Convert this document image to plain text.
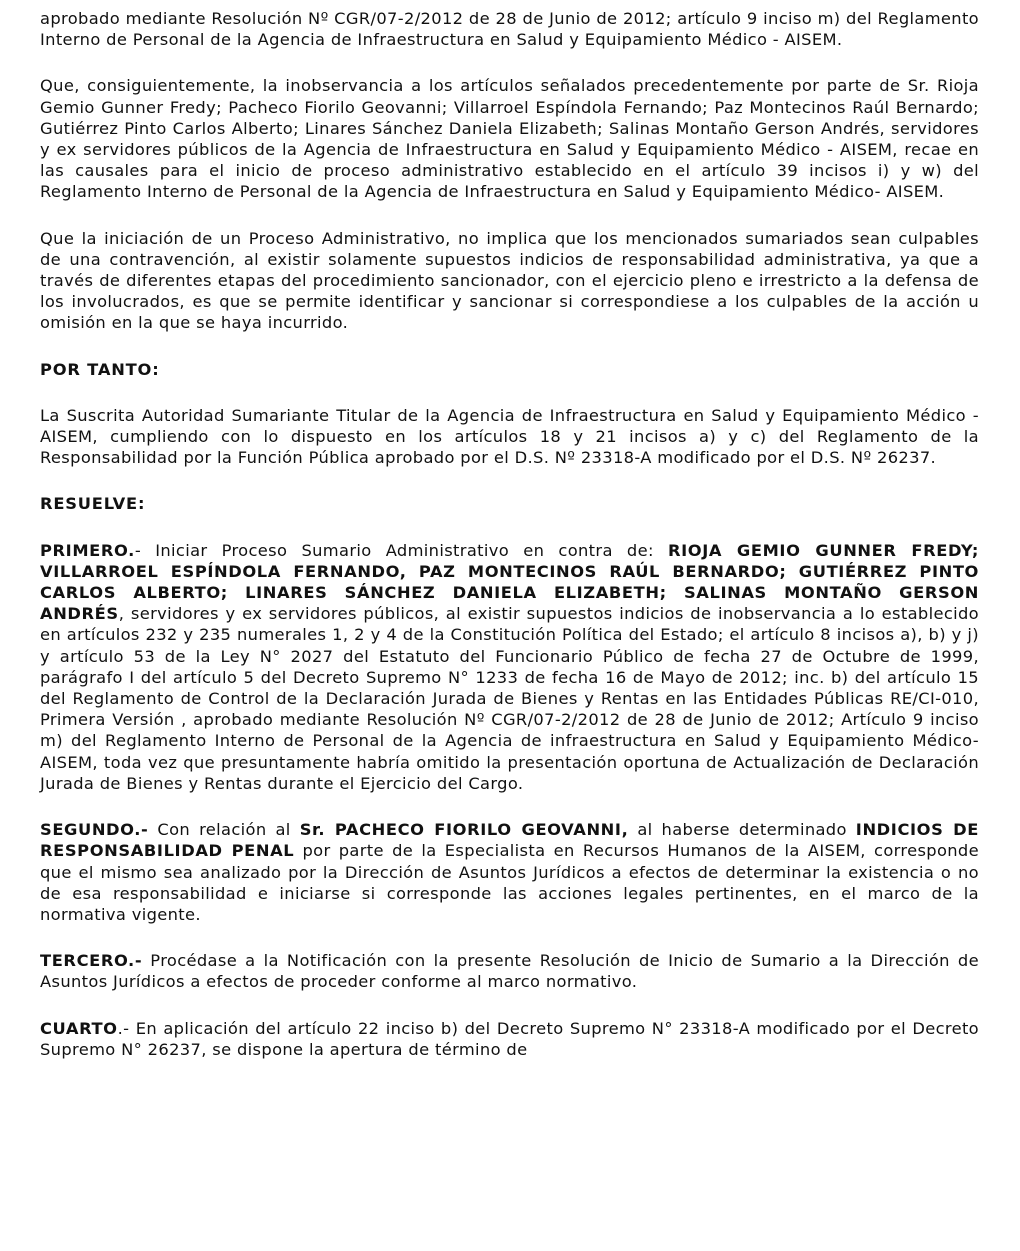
aprobado mediante Resolución Nº CGR/07-2/2012 de 28 de Junio de 2012; artículo 9 inciso m) del Reglamento Interno de Personal de la Agencia de Infraestructura en Salud y Equipamiento Médico - AISEM.

Que, consiguientemente, la inobservancia a los artículos señalados precedentemente por parte de Sr. Rioja Gemio Gunner Fredy; Pacheco Fiorilo Geovanni; Villarroel Espíndola Fernando; Paz Montecinos Raúl Bernardo; Gutiérrez Pinto Carlos Alberto; Linares Sánchez Daniela Elizabeth; Salinas Montaño Gerson Andrés, servidores y ex servidores públicos de la Agencia de Infraestructura en Salud y Equipamiento Médico - AISEM, recae en las causales para el inicio de proceso administrativo establecido en el artículo 39 incisos i) y w) del Reglamento Interno de Personal de la Agencia de Infraestructura en Salud y Equipamiento Médico- AISEM.

Que la iniciación de un Proceso Administrativo, no implica que los mencionados sumariados sean culpables de una contravención, al existir solamente supuestos indicios de responsabilidad administrativa, ya que a través de diferentes etapas del procedimiento sancionador, con el ejercicio pleno e irrestricto a la defensa de los involucrados, es que se permite identificar y sancionar si correspondiese a los culpables de la acción u omisión en la que se haya incurrido.

POR TANTO:

La Suscrita Autoridad Sumariante Titular de la Agencia de Infraestructura en Salud y Equipamiento Médico - AISEM, cumpliendo con lo dispuesto en los artículos 18 y 21 incisos a) y c) del Reglamento de la Responsabilidad por la Función Pública aprobado por el D.S. Nº 23318-A modificado por el D.S. Nº 26237.

RESUELVE:

PRIMERO.- Iniciar Proceso Sumario Administrativo en contra de: RIOJA GEMIO GUNNER FREDY; VILLARROEL ESPÍNDOLA FERNANDO, PAZ MONTECINOS RAÚL BERNARDO; GUTIÉRREZ PINTO CARLOS ALBERTO; LINARES SÁNCHEZ DANIELA ELIZABETH; SALINAS MONTAÑO GERSON ANDRÉS, servidores y ex servidores públicos, al existir supuestos indicios de inobservancia a lo establecido en artículos 232 y 235 numerales 1, 2 y 4 de la Constitución Política del Estado; el artículo 8 incisos a), b) y j) y artículo 53 de la Ley N° 2027 del Estatuto del Funcionario Público de fecha 27 de Octubre de 1999, parágrafo I del artículo 5 del Decreto Supremo N° 1233 de fecha 16 de Mayo de 2012; inc. b) del artículo 15 del Reglamento de Control de la Declaración Jurada de Bienes y Rentas en las Entidades Públicas RE/CI-010, Primera Versión , aprobado mediante Resolución Nº CGR/07-2/2012 de 28 de Junio de 2012; Artículo 9 inciso m) del Reglamento Interno de Personal de la Agencia de infraestructura en Salud y Equipamiento Médico- AISEM, toda vez que presuntamente habría omitido la presentación oportuna de Actualización de Declaración Jurada de Bienes y Rentas durante el Ejercicio del Cargo.

SEGUNDO.- Con relación al Sr. PACHECO FIORILO GEOVANNI, al haberse determinado INDICIOS DE RESPONSABILIDAD PENAL por parte de la Especialista en Recursos Humanos de la AISEM, corresponde que el mismo sea analizado por la Dirección de Asuntos Jurídicos a efectos de determinar la existencia o no de esa responsabilidad e iniciarse si corresponde las acciones legales pertinentes, en el marco de la normativa vigente.

TERCERO.- Procédase a la Notificación con la presente Resolución de Inicio de Sumario a la Dirección de Asuntos Jurídicos a efectos de proceder conforme al marco normativo.

CUARTO.- En aplicación del artículo 22 inciso b) del Decreto Supremo N° 23318-A modificado por el Decreto Supremo N° 26237, se dispone la apertura de término de
